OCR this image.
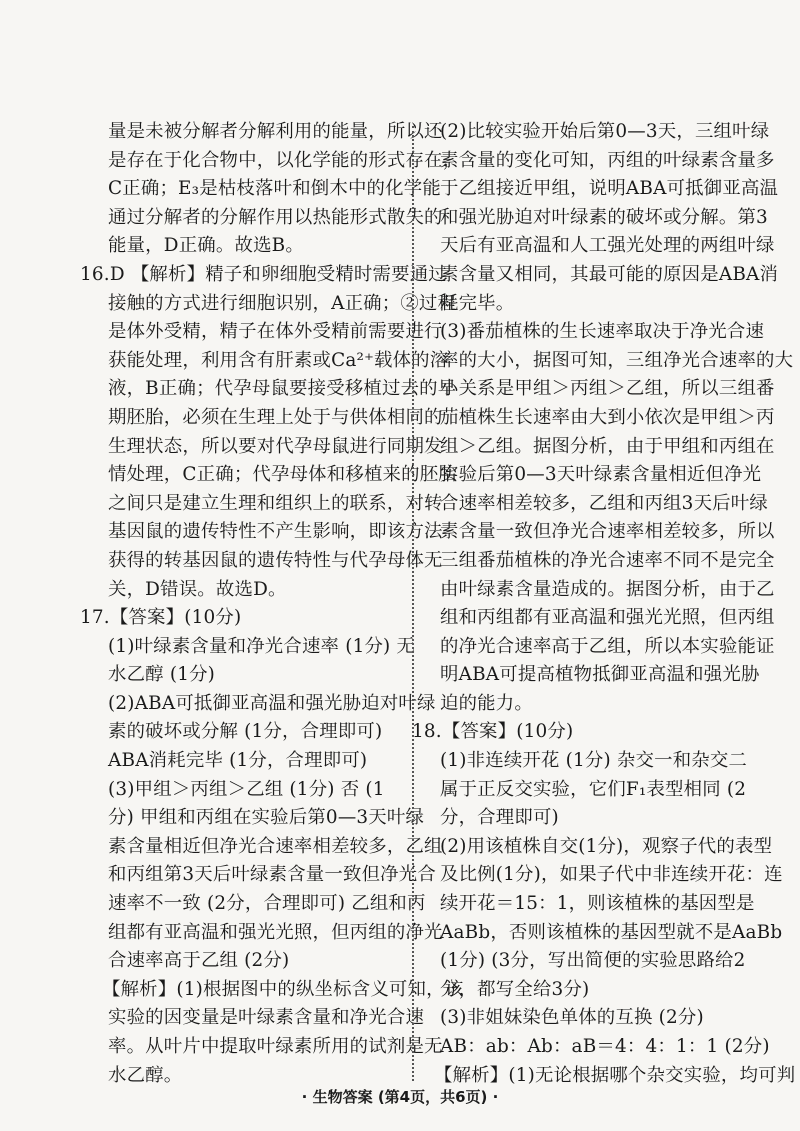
量是未被分解者分解利用的能量，所以还
是存在于化合物中，以化学能的形式存在，
C正确；E₃是枯枝落叶和倒木中的化学能
通过分解者的分解作用以热能形式散失的
能量，D正确。故选B。
16.D 【解析】精子和卵细胞受精时需要通过
接触的方式进行细胞识别，A正确；②过程
是体外受精，精子在体外受精前需要进行
获能处理，利用含有肝素或Ca²⁺载体的溶
液，B正确；代孕母鼠要接受移植过去的早
期胚胎，必须在生理上处于与供体相同的
生理状态，所以要对代孕母鼠进行同期发
情处理，C正确；代孕母体和移植来的胚胎
之间只是建立生理和组织上的联系，对转
基因鼠的遗传特性不产生影响，即该方法
获得的转基因鼠的遗传特性与代孕母体无
关，D错误。故选D。
17.【答案】(10分)
(1)叶绿素含量和净光合速率 (1分) 无
水乙醇 (1分)
(2)ABA可抵御亚高温和强光胁迫对叶绿
素的破坏或分解 (1分，合理即可)
ABA消耗完毕 (1分，合理即可)
(3)甲组＞丙组＞乙组 (1分) 否 (1
分) 甲组和丙组在实验后第0—3天叶绿
素含量相近但净光合速率相差较多，乙组
和丙组第3天后叶绿素含量一致但净光合
速率不一致 (2分，合理即可) 乙组和丙
组都有亚高温和强光光照，但丙组的净光
合速率高于乙组 (2分)
【解析】(1)根据图中的纵坐标含义可知，该
实验的因变量是叶绿素含量和净光合速
率。从叶片中提取叶绿素所用的试剂是无
水乙醇。
(2)比较实验开始后第0—3天，三组叶绿
素含量的变化可知，丙组的叶绿素含量多
于乙组接近甲组，说明ABA可抵御亚高温
和强光胁迫对叶绿素的破坏或分解。第3
天后有亚高温和人工强光处理的两组叶绿
素含量又相同，其最可能的原因是ABA消
耗完毕。
(3)番茄植株的生长速率取决于净光合速
率的大小，据图可知，三组净光合速率的大
小关系是甲组＞丙组＞乙组，所以三组番
茄植株生长速率由大到小依次是甲组＞丙
组＞乙组。据图分析，由于甲组和丙组在
实验后第0—3天叶绿素含量相近但净光
合速率相差较多，乙组和丙组3天后叶绿
素含量一致但净光合速率相差较多，所以
三组番茄植株的净光合速率不同不是完全
由叶绿素含量造成的。据图分析，由于乙
组和丙组都有亚高温和强光光照，但丙组
的净光合速率高于乙组，所以本实验能证
明ABA可提高植物抵御亚高温和强光胁
迫的能力。
18.【答案】(10分)
(1)非连续开花 (1分) 杂交一和杂交二
属于正反交实验，它们F₁表型相同 (2
分，合理即可)
(2)用该植株自交(1分)，观察子代的表型
及比例(1分)，如果子代中非连续开花：连
续开花＝15：1，则该植株的基因型是
AaBb，否则该植株的基因型就不是AaBb
(1分) (3分，写出简便的实验思路给2
分，都写全给3分)
(3)非姐妹染色单体的互换 (2分)
AB：ab：Ab：aB＝4：4：1：1 (2分)
【解析】(1)无论根据哪个杂交实验，均可判
· 生物答案 (第4页，共6页) ·
